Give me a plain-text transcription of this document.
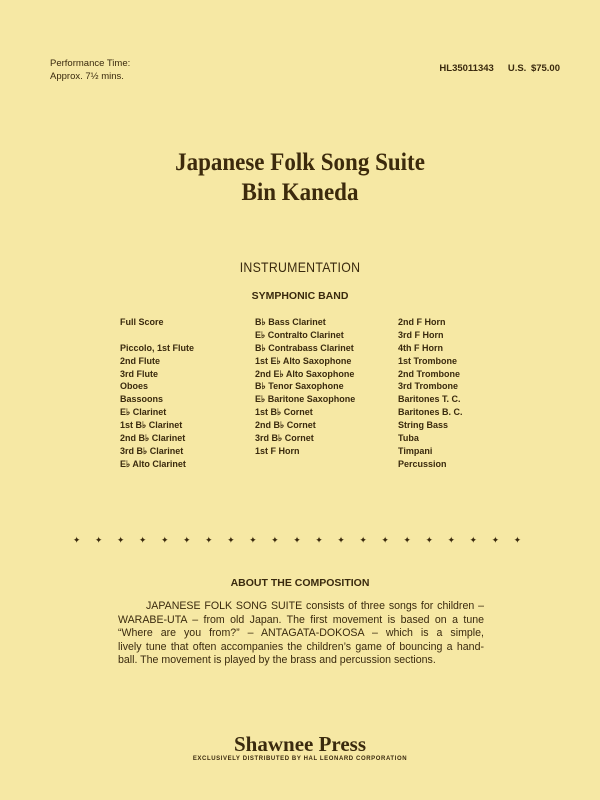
Performance Time:
Approx. 7½ mins.
HL35011343 U.S. $75.00
Japanese Folk Song Suite
Bin Kaneda
INSTRUMENTATION
SYMPHONIC BAND
Full Score
Piccolo, 1st Flute
2nd Flute
3rd Flute
Oboes
Bassoons
E♭ Clarinet
1st B♭ Clarinet
2nd B♭ Clarinet
3rd B♭ Clarinet
E♭ Alto Clarinet
B♭ Bass Clarinet
E♭ Contralto Clarinet
B♭ Contrabass Clarinet
1st E♭ Alto Saxophone
2nd E♭ Alto Saxophone
B♭ Tenor Saxophone
E♭ Baritone Saxophone
1st B♭ Cornet
2nd B♭ Cornet
3rd B♭ Cornet
1st F Horn
2nd F Horn
3rd F Horn
4th F Horn
1st Trombone
2nd Trombone
3rd Trombone
Baritones T. C.
Baritones B. C.
String Bass
Tuba
Timpani
Percussion
✦ ✦ ✦ ✦ ✦ ✦ ✦ ✦ ✦ ✦ ✦ ✦ ✦ ✦ ✦ ✦ ✦ ✦ ✦ ✦ ✦
ABOUT THE COMPOSITION
JAPANESE FOLK SONG SUITE consists of three songs for children –
WARABE-UTA – from old Japan. The first movement is based on a tune
“Where are you from?” – ANTAGATA-DOKOSA – which is a simple,
lively tune that often accompanies the children’s game of bouncing a hand-
ball. The movement is played by the brass and percussion sections.
Shawnee Press
EXCLUSIVELY DISTRIBUTED BY HAL LEONARD CORPORATION
